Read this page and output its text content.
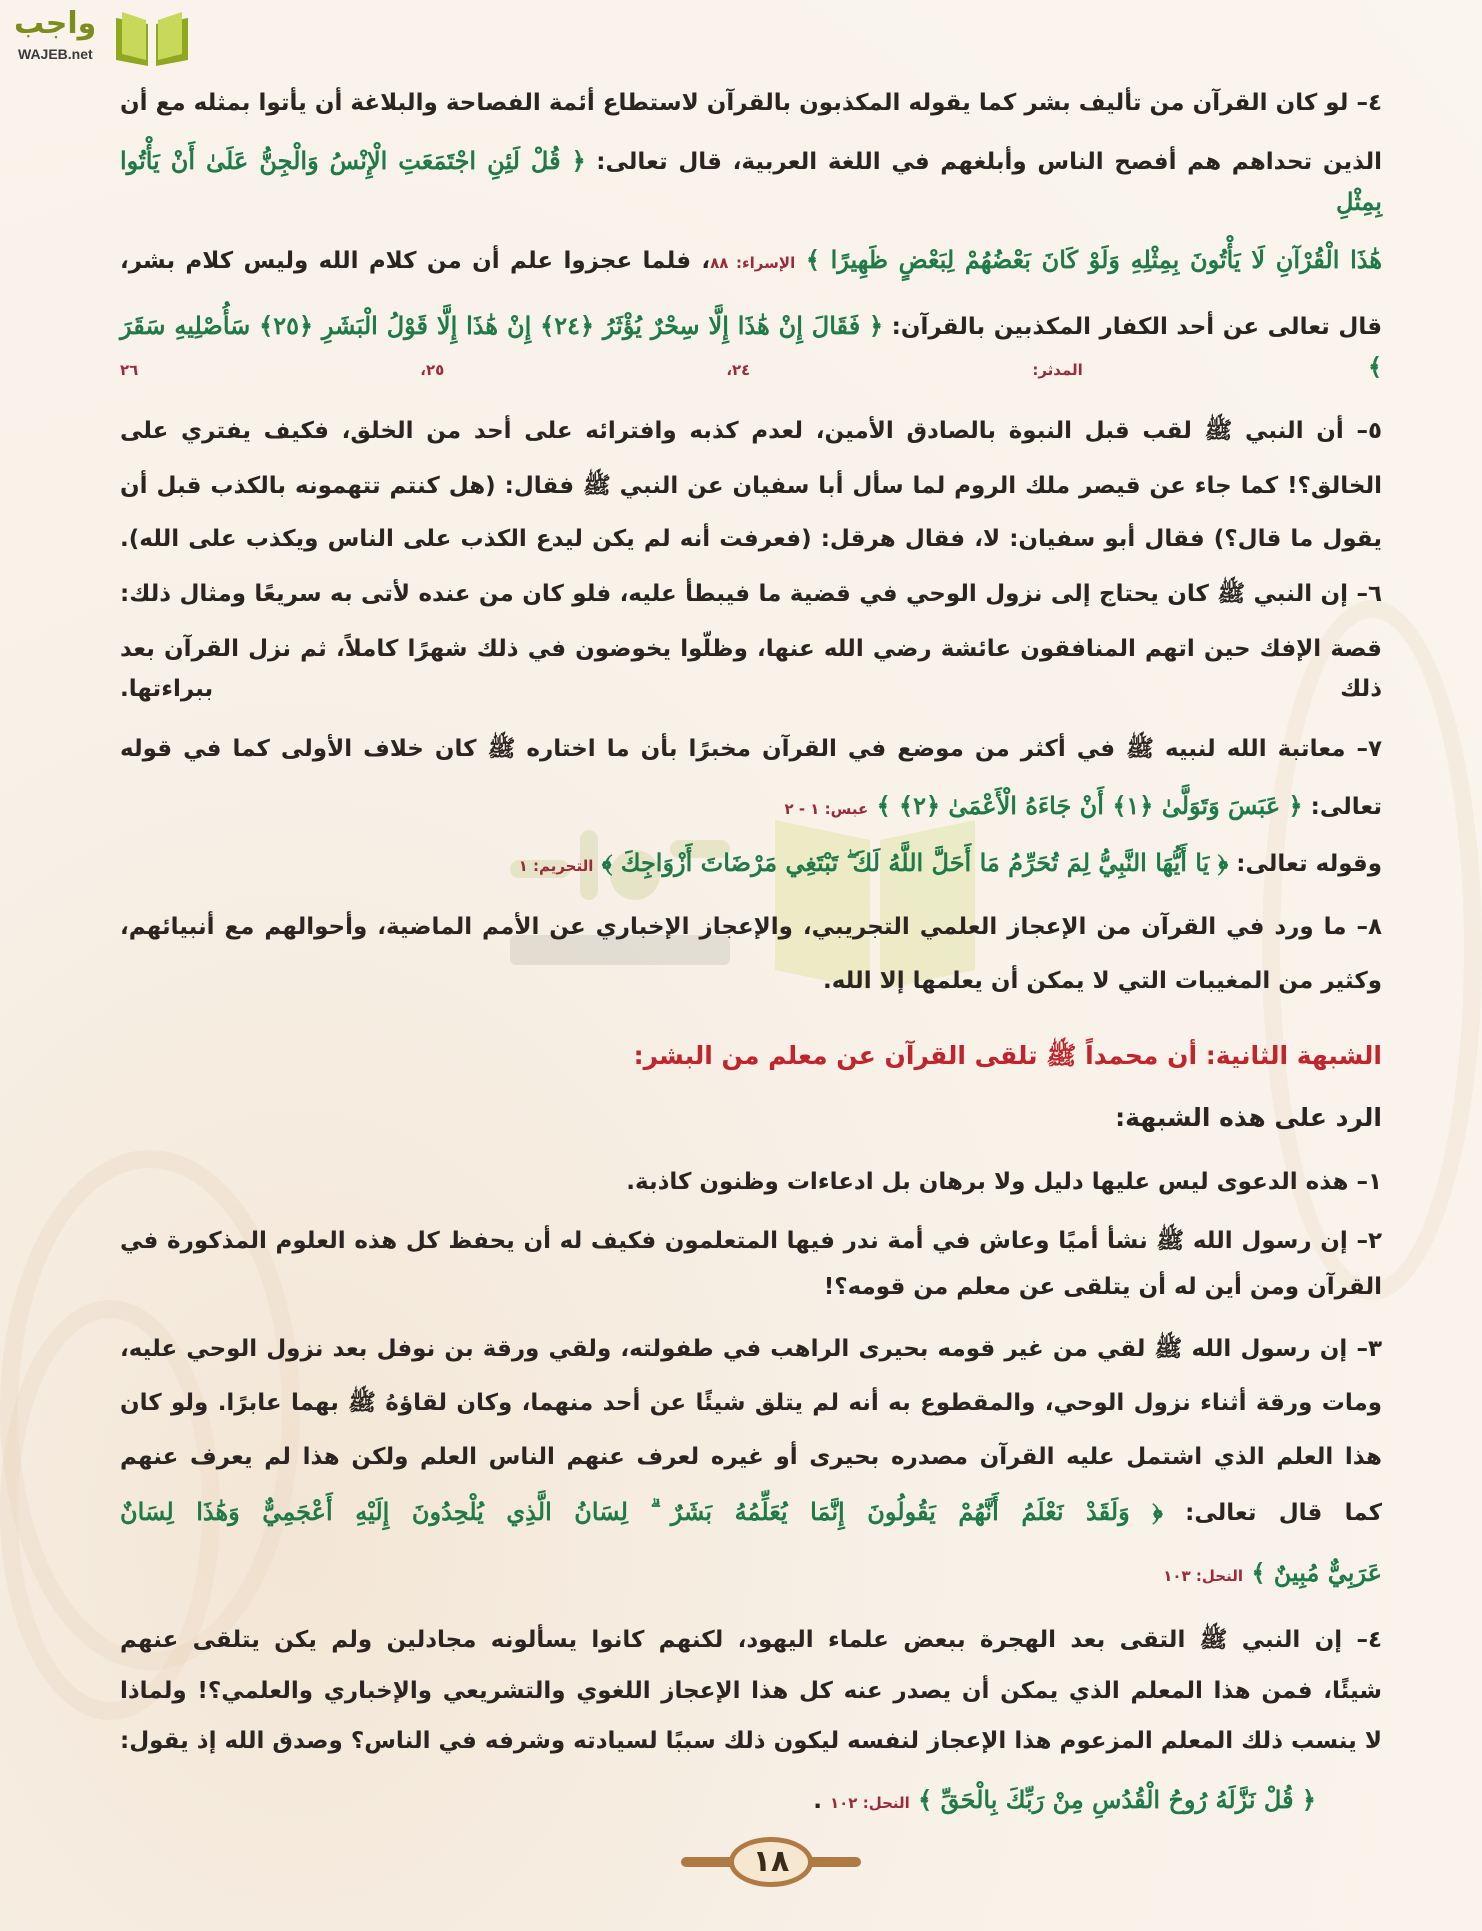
واجب
WAJEB.net
٤– لو كان القرآن من تأليف بشر كما يقوله المكذبون بالقرآن لاستطاع أئمة الفصاحة والبلاغة أن يأتوا بمثله مع أن
الذين تحداهم هم أفصح الناس وأبلغهم في اللغة العربية، قال تعالى: ﴿ قُلْ لَئِنِ اجْتَمَعَتِ الْإِنْسُ وَالْجِنُّ عَلَىٰ أَنْ يَأْتُوا بِمِثْلِ
هَٰذَا الْقُرْآنِ لَا يَأْتُونَ بِمِثْلِهِ وَلَوْ كَانَ بَعْضُهُمْ لِبَعْضٍ ظَهِيرًا ﴾ الإسراء: ٨٨، فلما عجزوا علم أن من كلام الله وليس كلام بشر،
قال تعالى عن أحد الكفار المكذبين بالقرآن: ﴿ فَقَالَ إِنْ هَٰذَا إِلَّا سِحْرٌ يُؤْثَرُ ﴿٢٤﴾ إِنْ هَٰذَا إِلَّا قَوْلُ الْبَشَرِ ﴿٢٥﴾ سَأُصْلِيهِ سَقَرَ ﴾ المدثر: ٢٤، ٢٥، ٢٦
٥– أن النبي ﷺ لقب قبل النبوة بالصادق الأمين، لعدم كذبه وافترائه على أحد من الخلق، فكيف يفتري على
الخالق؟! كما جاء عن قيصر ملك الروم لما سأل أبا سفيان عن النبي ﷺ فقال: (هل كنتم تتهمونه بالكذب قبل أن
يقول ما قال؟) فقال أبو سفيان: لا، فقال هرقل: (فعرفت أنه لم يكن ليدع الكذب على الناس ويكذب على الله).
٦– إن النبي ﷺ كان يحتاج إلى نزول الوحي في قضية ما فيبطأ عليه، فلو كان من عنده لأتى به سريعًا ومثال ذلك:
قصة الإفك حين اتهم المنافقون عائشة رضي الله عنها، وظلّوا يخوضون في ذلك شهرًا كاملاً، ثم نزل القرآن بعد ذلك ببراءتها.
٧– معاتبة الله لنبيه ﷺ في أكثر من موضع في القرآن مخبرًا بأن ما اختاره ﷺ كان خلاف الأولى كما في قوله
تعالى: ﴿ عَبَسَ وَتَوَلَّىٰ ﴿١﴾ أَنْ جَاءَهُ الْأَعْمَىٰ ﴿٢﴾ ﴾ عبس: ١ - ٢
وقوله تعالى: ﴿ يَا أَيُّهَا النَّبِيُّ لِمَ تُحَرِّمُ مَا أَحَلَّ اللَّهُ لَكَ ۖ تَبْتَغِي مَرْضَاتَ أَزْوَاجِكَ ﴾ التحريم: ١
٨– ما ورد في القرآن من الإعجاز العلمي التجريبي، والإعجاز الإخباري عن الأمم الماضية، وأحوالهم مع أنبيائهم،
وكثير من المغيبات التي لا يمكن أن يعلمها إلا الله.
الشبهة الثانية: أن محمداً ﷺ تلقى القرآن عن معلم من البشر:
الرد على هذه الشبهة:
١– هذه الدعوى ليس عليها دليل ولا برهان بل ادعاءات وظنون كاذبة.
٢– إن رسول الله ﷺ نشأ أميًا وعاش في أمة ندر فيها المتعلمون فكيف له أن يحفظ كل هذه العلوم المذكورة في
القرآن ومن أين له أن يتلقى عن معلم من قومه؟!
٣– إن رسول الله ﷺ لقي من غير قومه بحيرى الراهب في طفولته، ولقي ورقة بن نوفل بعد نزول الوحي عليه،
ومات ورقة أثناء نزول الوحي، والمقطوع به أنه لم يتلق شيئًا عن أحد منهما، وكان لقاؤهُ ﷺ بهما عابرًا. ولو كان
هذا العلم الذي اشتمل عليه القرآن مصدره بحيرى أو غيره لعرف عنهم الناس العلم ولكن هذا لم يعرف عنهم
كما قال تعالى: ﴿ وَلَقَدْ نَعْلَمُ أَنَّهُمْ يَقُولُونَ إِنَّمَا يُعَلِّمُهُ بَشَرٌ ۗ لِسَانُ الَّذِي يُلْحِدُونَ إِلَيْهِ أَعْجَمِيٌّ وَهَٰذَا لِسَانٌ
عَرَبِيٌّ مُبِينٌ ﴾ النحل: ١٠٣
٤– إن النبي ﷺ التقى بعد الهجرة ببعض علماء اليهود، لكنهم كانوا يسألونه مجادلين ولم يكن يتلقى عنهم
شيئًا، فمن هذا المعلم الذي يمكن أن يصدر عنه كل هذا الإعجاز اللغوي والتشريعي والإخباري والعلمي؟! ولماذا
لا ينسب ذلك المعلم المزعوم هذا الإعجاز لنفسه ليكون ذلك سببًا لسيادته وشرفه في الناس؟ وصدق الله إذ يقول:
﴿ قُلْ نَزَّلَهُ رُوحُ الْقُدُسِ مِنْ رَبِّكَ بِالْحَقِّ ﴾ النحل: ١٠٢ .
١٨
